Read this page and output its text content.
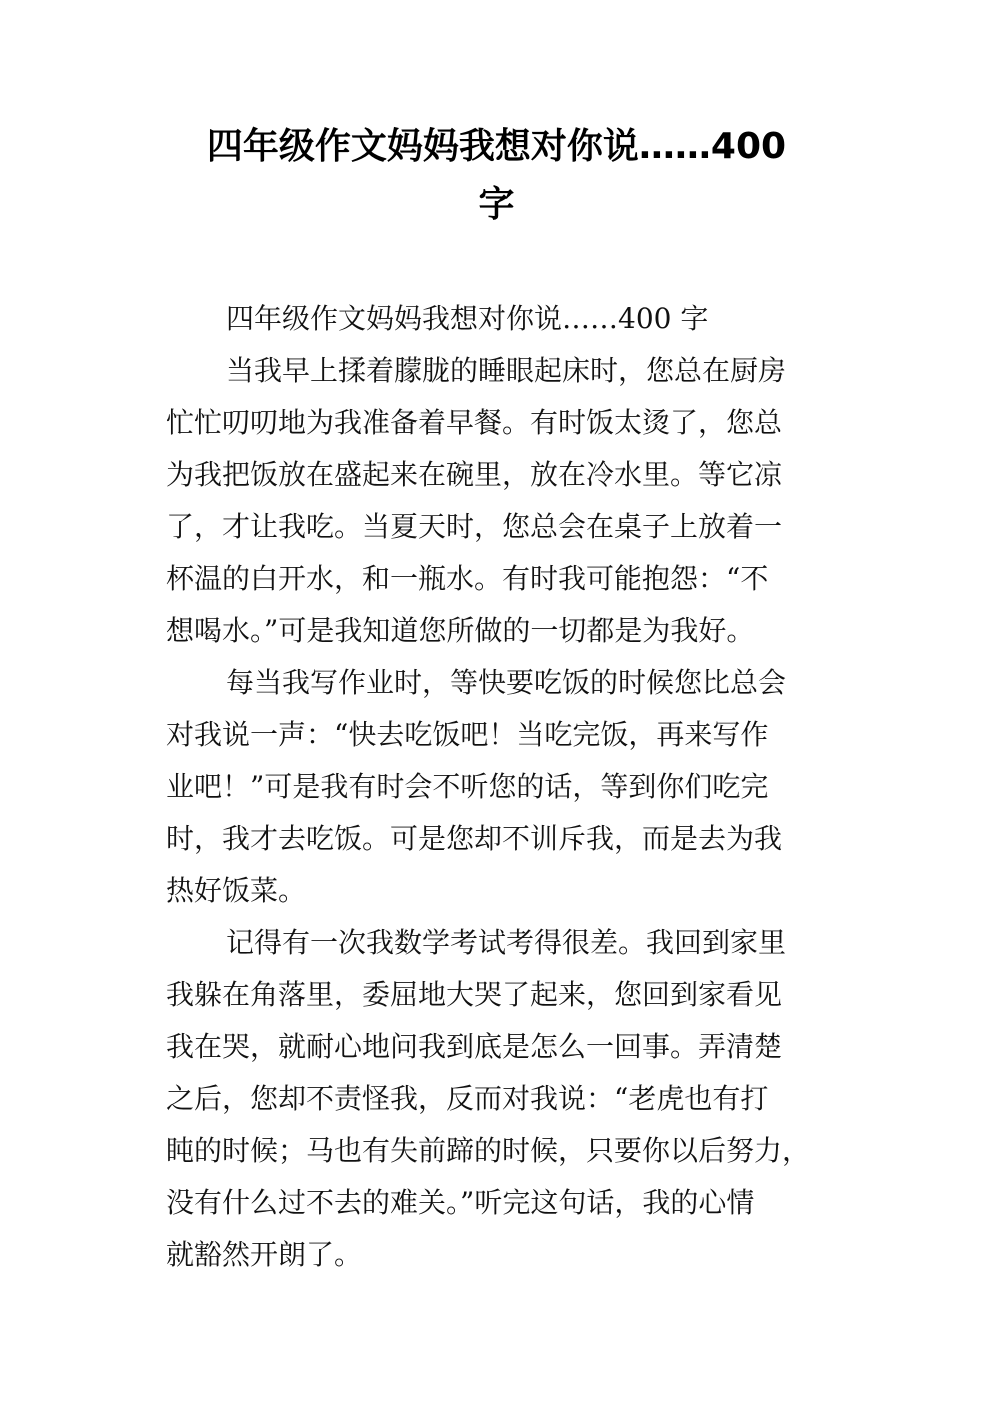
四年级作文妈妈我想对你说……400
字
四年级作文妈妈我想对你说……400 字
当我早上揉着朦胧的睡眼起床时，您总在厨房
忙忙叨叨地为我准备着早餐。有时饭太烫了，您总
为我把饭放在盛起来在碗里，放在冷水里。等它凉
了，才让我吃。当夏天时，您总会在桌子上放着一
杯温的白开水，和一瓶水。有时我可能抱怨：“不
想喝水。”可是我知道您所做的一切都是为我好。
每当我写作业时，等快要吃饭的时候您比总会
对我说一声：“快去吃饭吧！当吃完饭，再来写作
业吧！”可是我有时会不听您的话，等到你们吃完
时，我才去吃饭。可是您却不训斥我，而是去为我
热好饭菜。
记得有一次我数学考试考得很差。我回到家里
我躲在角落里，委屈地大哭了起来，您回到家看见
我在哭，就耐心地问我到底是怎么一回事。弄清楚
之后，您却不责怪我，反而对我说：“老虎也有打
盹的时候；马也有失前蹄的时候，只要你以后努力，
没有什么过不去的难关。”听完这句话，我的心情
就豁然开朗了。
